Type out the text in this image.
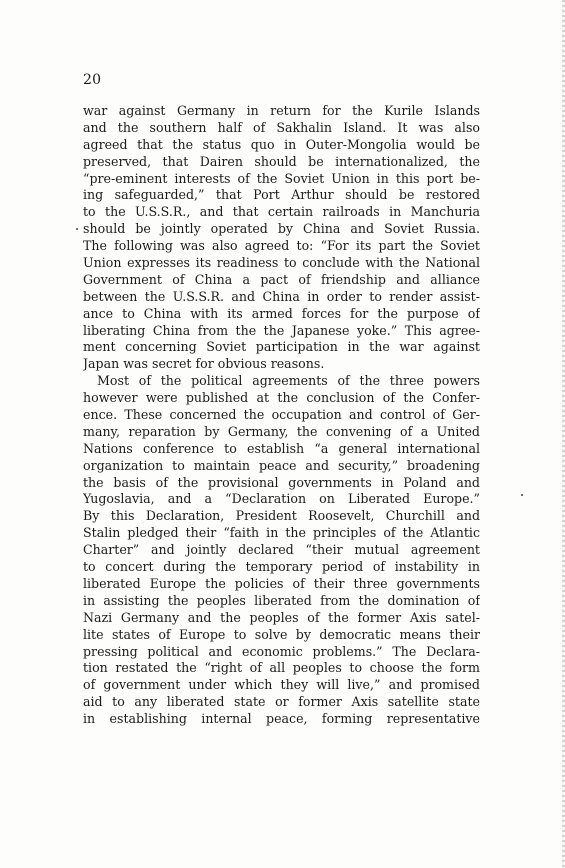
20
war against Germany in return for the Kurile Islands
and the southern half of Sakhalin Island. It was also
agreed that the status quo in Outer-Mongolia would be
preserved, that Dairen should be internationalized, the
“pre-eminent interests of the Soviet Union in this port be-
ing safeguarded,” that Port Arthur should be restored
to the U.S.S.R., and that certain railroads in Manchuria
should be jointly operated by China and Soviet Russia.
The following was also agreed to: “For its part the Soviet
Union expresses its readiness to conclude with the National
Government of China a pact of friendship and alliance
between the U.S.S.R. and China in order to render assist-
ance to China with its armed forces for the purpose of
liberating China from the the Japanese yoke.” This agree-
ment concerning Soviet participation in the war against
Japan was secret for obvious reasons.
Most of the political agreements of the three powers
however were published at the conclusion of the Confer-
ence. These concerned the occupation and control of Ger-
many, reparation by Germany, the convening of a United
Nations conference to establish “a general international
organization to maintain peace and security,” broadening
the basis of the provisional governments in Poland and
Yugoslavia, and a “Declaration on Liberated Europe.”
By this Declaration, President Roosevelt, Churchill and
Stalin pledged their “faith in the principles of the Atlantic
Charter” and jointly declared “their mutual agreement
to concert during the temporary period of instability in
liberated Europe the policies of their three governments
in assisting the peoples liberated from the domination of
Nazi Germany and the peoples of the former Axis satel-
lite states of Europe to solve by democratic means their
pressing political and economic problems.” The Declara-
tion restated the “right of all peoples to choose the form
of government under which they will live,” and promised
aid to any liberated state or former Axis satellite state
in establishing internal peace, forming representative
